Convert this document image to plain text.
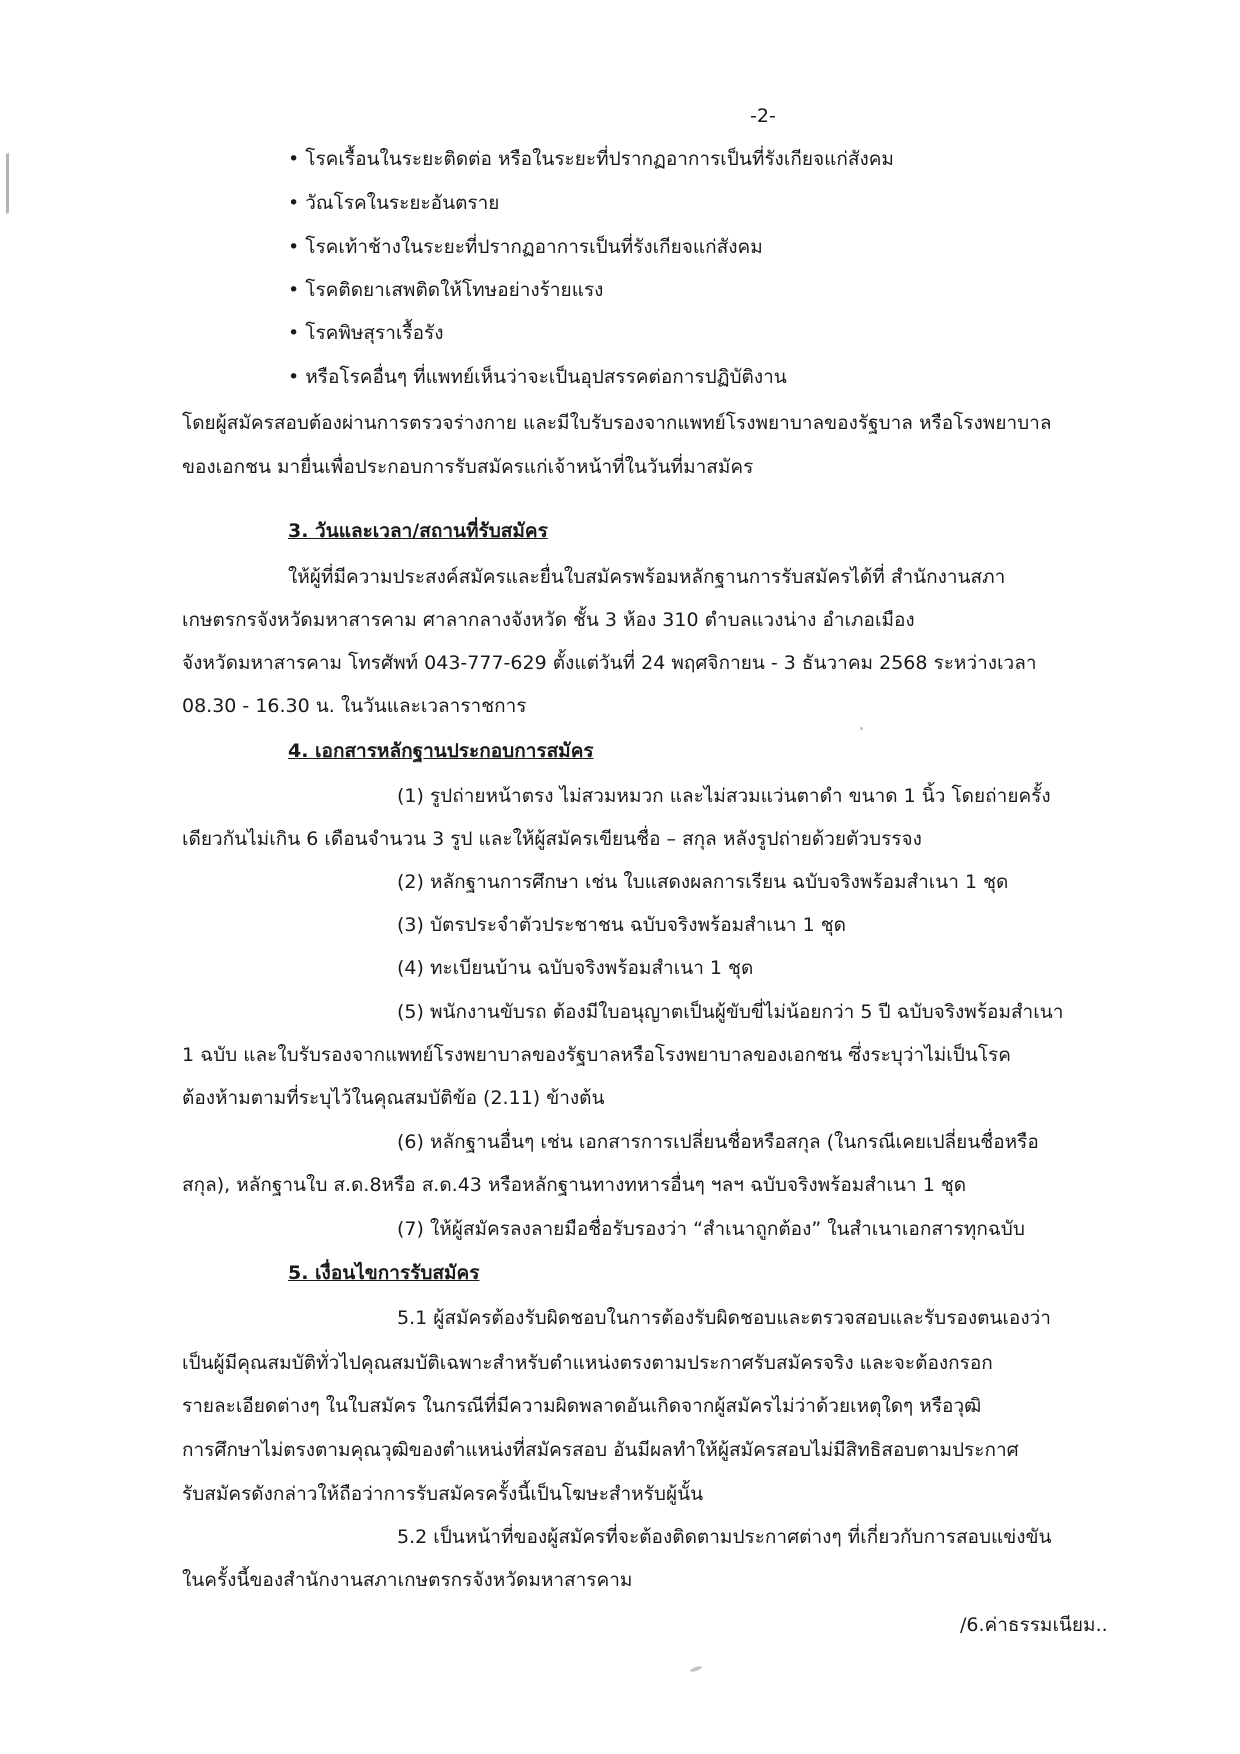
-2-
• โรคเรื้อนในระยะติดต่อ หรือในระยะที่ปรากฏอาการเป็นที่รังเกียจแก่สังคม
• วัณโรคในระยะอันตราย
• โรคเท้าช้างในระยะที่ปรากฏอาการเป็นที่รังเกียจแก่สังคม
• โรคติดยาเสพติดให้โทษอย่างร้ายแรง
• โรคพิษสุราเรื้อรัง
• หรือโรคอื่นๆ ที่แพทย์เห็นว่าจะเป็นอุปสรรคต่อการปฏิบัติงาน
โดยผู้สมัครสอบต้องผ่านการตรวจร่างกาย และมีใบรับรองจากแพทย์โรงพยาบาลของรัฐบาล หรือโรงพยาบาล
ของเอกชน มายื่นเพื่อประกอบการรับสมัครแก่เจ้าหน้าที่ในวันที่มาสมัคร
3. วันและเวลา/สถานที่รับสมัคร
ให้ผู้ที่มีความประสงค์สมัครและยื่นใบสมัครพร้อมหลักฐานการรับสมัครได้ที่ สำนักงานสภา
เกษตรกรจังหวัดมหาสารคาม ศาลากลางจังหวัด ชั้น 3 ห้อง 310 ตำบลแวงน่าง อำเภอเมือง
จังหวัดมหาสารคาม โทรศัพท์ 043-777-629 ตั้งแต่วันที่ 24 พฤศจิกายน - 3 ธันวาคม 2568 ระหว่างเวลา
08.30 - 16.30 น. ในวันและเวลาราชการ
4. เอกสารหลักฐานประกอบการสมัคร
(1) รูปถ่ายหน้าตรง ไม่สวมหมวก และไม่สวมแว่นตาดำ ขนาด 1 นิ้ว โดยถ่ายครั้ง
เดียวกันไม่เกิน 6 เดือนจำนวน 3 รูป และให้ผู้สมัครเขียนชื่อ – สกุล หลังรูปถ่ายด้วยตัวบรรจง
(2) หลักฐานการศึกษา เช่น ใบแสดงผลการเรียน ฉบับจริงพร้อมสำเนา 1 ชุด
(3) บัตรประจำตัวประชาชน ฉบับจริงพร้อมสำเนา 1 ชุด
(4) ทะเบียนบ้าน ฉบับจริงพร้อมสำเนา 1 ชุด
(5) พนักงานขับรถ ต้องมีใบอนุญาตเป็นผู้ขับขี่ไม่น้อยกว่า 5 ปี ฉบับจริงพร้อมสำเนา
1 ฉบับ และใบรับรองจากแพทย์โรงพยาบาลของรัฐบาลหรือโรงพยาบาลของเอกชน ซึ่งระบุว่าไม่เป็นโรค
ต้องห้ามตามที่ระบุไว้ในคุณสมบัติข้อ (2.11) ข้างต้น
(6) หลักฐานอื่นๆ เช่น เอกสารการเปลี่ยนชื่อหรือสกุล (ในกรณีเคยเปลี่ยนชื่อหรือ
สกุล), หลักฐานใบ ส.ด.8หรือ ส.ด.43 หรือหลักฐานทางทหารอื่นๆ ฯลฯ ฉบับจริงพร้อมสำเนา 1 ชุด
(7) ให้ผู้สมัครลงลายมือชื่อรับรองว่า “สำเนาถูกต้อง” ในสำเนาเอกสารทุกฉบับ
5. เงื่อนไขการรับสมัคร
5.1 ผู้สมัครต้องรับผิดชอบในการต้องรับผิดชอบและตรวจสอบและรับรองตนเองว่า
เป็นผู้มีคุณสมบัติทั่วไปคุณสมบัติเฉพาะสำหรับตำแหน่งตรงตามประกาศรับสมัครจริง และจะต้องกรอก
รายละเอียดต่างๆ ในใบสมัคร ในกรณีที่มีความผิดพลาดอันเกิดจากผู้สมัครไม่ว่าด้วยเหตุใดๆ หรือวุฒิ
การศึกษาไม่ตรงตามคุณวุฒิของตำแหน่งที่สมัครสอบ อันมีผลทำให้ผู้สมัครสอบไม่มีสิทธิสอบตามประกาศ
รับสมัครดังกล่าวให้ถือว่าการรับสมัครครั้งนี้เป็นโฆษะสำหรับผู้นั้น
5.2 เป็นหน้าที่ของผู้สมัครที่จะต้องติดตามประกาศต่างๆ ที่เกี่ยวกับการสอบแข่งขัน
ในครั้งนี้ของสำนักงานสภาเกษตรกรจังหวัดมหาสารคาม
/6.ค่าธรรมเนียม..
